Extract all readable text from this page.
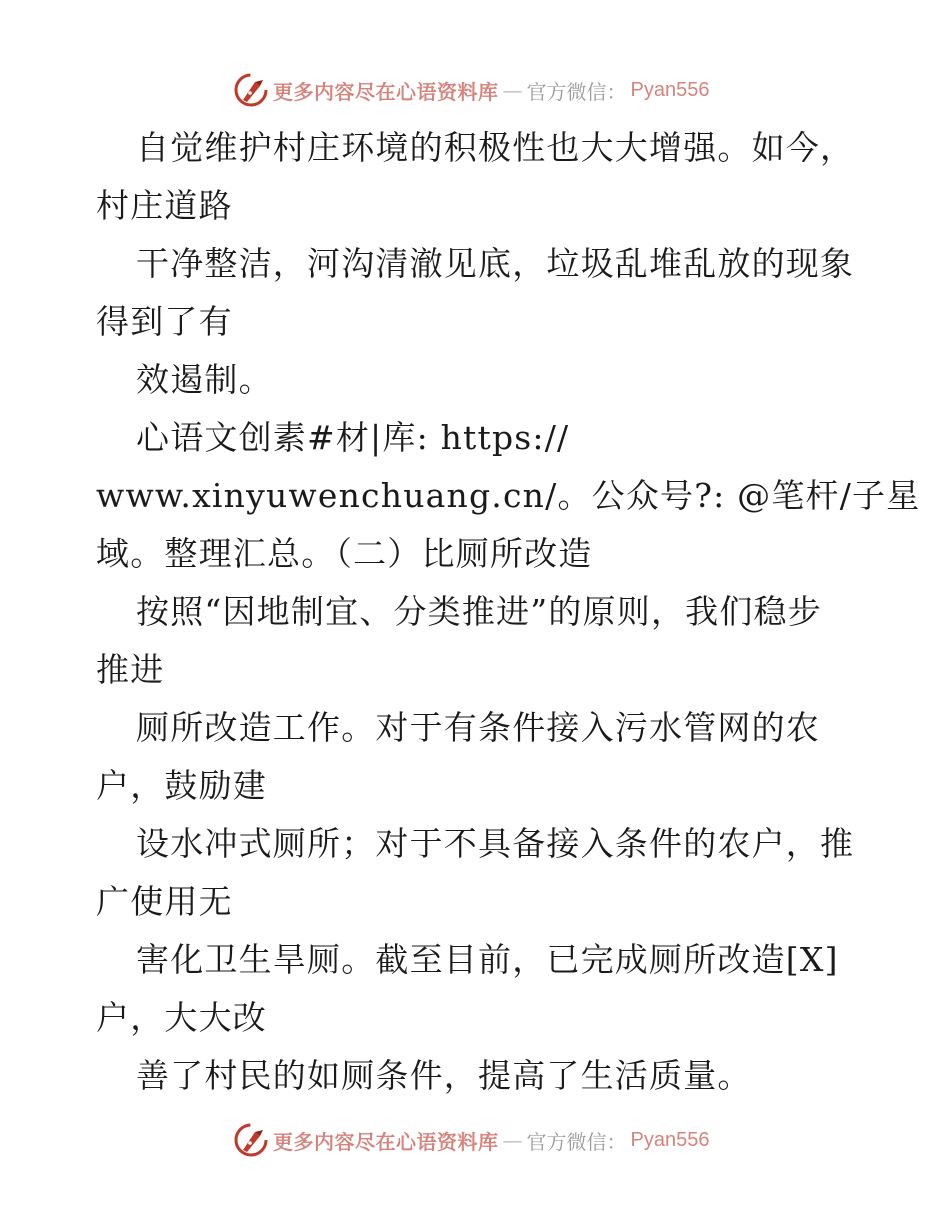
更多内容尽在心语资料库 — 官方微信： Pyan556
自觉维护村庄环境的积极性也大大增强。如今，
村庄道路
干净整洁，河沟清澈见底，垃圾乱堆乱放的现象
得到了有
效遏制。
心语文创素#材|库: https://
www.xinyuwenchuang.cn/。公众号?: @笔杆/子星
域。整理汇总。（二）比厕所改造
按照“因地制宜、分类推进”的原则，我们稳步
推进
厕所改造工作。对于有条件接入污水管网的农
户，鼓励建
设水冲式厕所；对于不具备接入条件的农户，推
广使用无
害化卫生旱厕。截至目前，已完成厕所改造[X]
户，大大改
善了村民的如厕条件，提高了生活质量。
更多内容尽在心语资料库 — 官方微信： Pyan556
